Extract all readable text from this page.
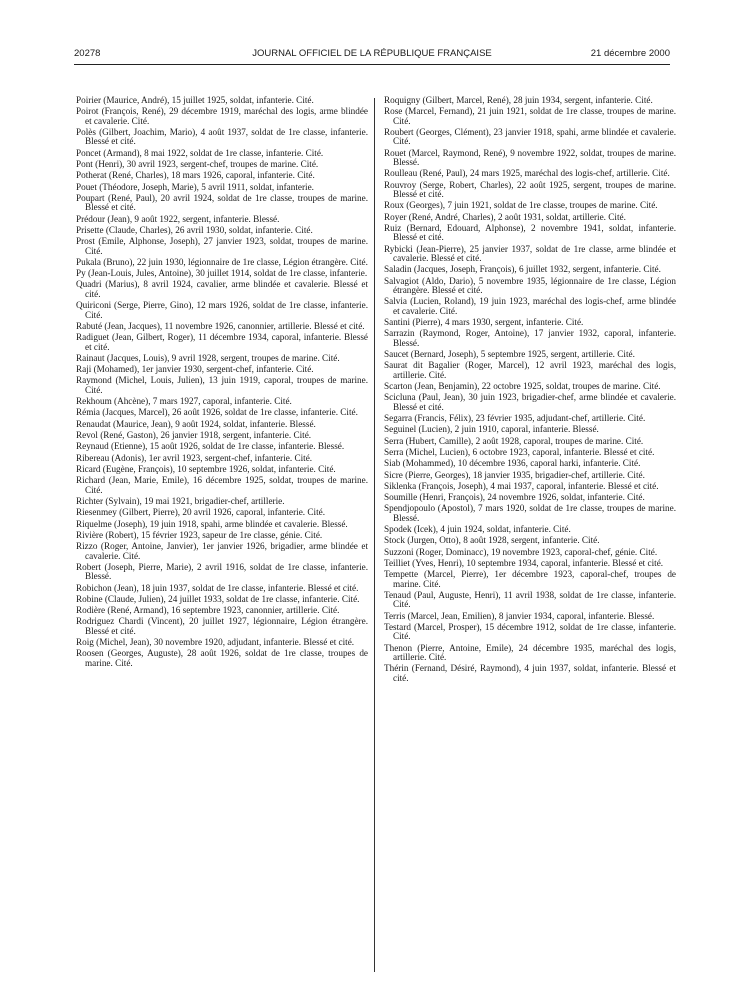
20278	JOURNAL OFFICIEL DE LA RÉPUBLIQUE FRANÇAISE	21 décembre 2000
Poirier (Maurice, André), 15 juillet 1925, soldat, infanterie. Cité.
Poirot (François, René), 29 décembre 1919, maréchal des logis, arme blindée et cavalerie. Cité.
Polès (Gilbert, Joachim, Mario), 4 août 1937, soldat de 1re classe, infanterie. Blessé et cité.
Poncet (Armand), 8 mai 1922, soldat de 1re classe, infanterie. Cité.
Pont (Henri), 30 avril 1923, sergent-chef, troupes de marine. Cité.
Potherat (René, Charles), 18 mars 1926, caporal, infanterie. Cité.
Pouet (Théodore, Joseph, Marie), 5 avril 1911, soldat, infanterie.
Poupart (René, Paul), 20 avril 1924, soldat de 1re classe, troupes de marine. Blessé et cité.
Prédour (Jean), 9 août 1922, sergent, infanterie. Blessé.
Prisette (Claude, Charles), 26 avril 1930, soldat, infanterie. Cité.
Prost (Emile, Alphonse, Joseph), 27 janvier 1923, soldat, troupes de marine. Cité.
Pukala (Bruno), 22 juin 1930, légionnaire de 1re classe, Légion étrangère. Cité.
Py (Jean-Louis, Jules, Antoine), 30 juillet 1914, soldat de 1re classe, infanterie.
Quadri (Marius), 8 avril 1924, cavalier, arme blindée et cavalerie. Blessé et cité.
Quiriconi (Serge, Pierre, Gino), 12 mars 1926, soldat de 1re classe, infanterie. Cité.
Rabuté (Jean, Jacques), 11 novembre 1926, canonnier, artillerie. Blessé et cité.
Radiguet (Jean, Gilbert, Roger), 11 décembre 1934, caporal, infanterie. Blessé et cité.
Rainaut (Jacques, Louis), 9 avril 1928, sergent, troupes de marine. Cité.
Raji (Mohamed), 1er janvier 1930, sergent-chef, infanterie. Cité.
Raymond (Michel, Louis, Julien), 13 juin 1919, caporal, troupes de marine. Cité.
Rekhoum (Ahcène), 7 mars 1927, caporal, infanterie. Cité.
Rémia (Jacques, Marcel), 26 août 1926, soldat de 1re classe, infanterie. Cité.
Renaudat (Maurice, Jean), 9 août 1924, soldat, infanterie. Blessé.
Revol (René, Gaston), 26 janvier 1918, sergent, infanterie. Cité.
Reynaud (Etienne), 15 août 1926, soldat de 1re classe, infanterie. Blessé.
Ribereau (Adonis), 1er avril 1923, sergent-chef, infanterie. Cité.
Ricard (Eugène, François), 10 septembre 1926, soldat, infanterie. Cité.
Richard (Jean, Marie, Emile), 16 décembre 1925, soldat, troupes de marine. Cité.
Richter (Sylvain), 19 mai 1921, brigadier-chef, artillerie.
Riesenmey (Gilbert, Pierre), 20 avril 1926, caporal, infanterie. Cité.
Riquelme (Joseph), 19 juin 1918, spahi, arme blindée et cavalerie. Blessé.
Rivière (Robert), 15 février 1923, sapeur de 1re classe, génie. Cité.
Rizzo (Roger, Antoine, Janvier), 1er janvier 1926, brigadier, arme blindée et cavalerie. Cité.
Robert (Joseph, Pierre, Marie), 2 avril 1916, soldat de 1re classe, infanterie. Blessé.
Robichon (Jean), 18 juin 1937, soldat de 1re classe, infanterie. Blessé et cité.
Robine (Claude, Julien), 24 juillet 1933, soldat de 1re classe, infanterie. Cité.
Rodière (René, Armand), 16 septembre 1923, canonnier, artillerie. Cité.
Rodriguez Chardi (Vincent), 20 juillet 1927, légionnaire, Légion étrangère. Blessé et cité.
Roig (Michel, Jean), 30 novembre 1920, adjudant, infanterie. Blessé et cité.
Roosen (Georges, Auguste), 28 août 1926, soldat de 1re classe, troupes de marine. Cité.
Roquigny (Gilbert, Marcel, René), 28 juin 1934, sergent, infanterie. Cité.
Rose (Marcel, Fernand), 21 juin 1921, soldat de 1re classe, troupes de marine. Cité.
Roubert (Georges, Clément), 23 janvier 1918, spahi, arme blindée et cavalerie. Cité.
Rouet (Marcel, Raymond, René), 9 novembre 1922, soldat, troupes de marine. Blessé.
Roulleau (René, Paul), 24 mars 1925, maréchal des logis-chef, artillerie. Cité.
Rouvroy (Serge, Robert, Charles), 22 août 1925, sergent, troupes de marine. Blessé et cité.
Roux (Georges), 7 juin 1921, soldat de 1re classe, troupes de marine. Cité.
Royer (René, André, Charles), 2 août 1931, soldat, artillerie. Cité.
Ruiz (Bernard, Edouard, Alphonse), 2 novembre 1941, soldat, infanterie. Blessé et cité.
Rybicki (Jean-Pierre), 25 janvier 1937, soldat de 1re classe, arme blindée et cavalerie. Blessé et cité.
Saladin (Jacques, Joseph, François), 6 juillet 1932, sergent, infanterie. Cité.
Salvagiot (Aldo, Dario), 5 novembre 1935, légionnaire de 1re classe, Légion étrangère. Blessé et cité.
Salvia (Lucien, Roland), 19 juin 1923, maréchal des logis-chef, arme blindée et cavalerie. Cité.
Santini (Pierre), 4 mars 1930, sergent, infanterie. Cité.
Sarrazin (Raymond, Roger, Antoine), 17 janvier 1932, caporal, infanterie. Blessé.
Saucet (Bernard, Joseph), 5 septembre 1925, sergent, artillerie. Cité.
Saurat dit Bagalier (Roger, Marcel), 12 avril 1923, maréchal des logis, artillerie. Cité.
Scarton (Jean, Benjamin), 22 octobre 1925, soldat, troupes de marine. Cité.
Scicluna (Paul, Jean), 30 juin 1923, brigadier-chef, arme blindée et cavalerie. Blessé et cité.
Segarra (Francis, Félix), 23 février 1935, adjudant-chef, artillerie. Cité.
Seguinel (Lucien), 2 juin 1910, caporal, infanterie. Blessé.
Serra (Hubert, Camille), 2 août 1928, caporal, troupes de marine. Cité.
Serra (Michel, Lucien), 6 octobre 1923, caporal, infanterie. Blessé et cité.
Siab (Mohammed), 10 décembre 1936, caporal harki, infanterie. Cité.
Sicre (Pierre, Georges), 18 janvier 1935, brigadier-chef, artillerie. Cité.
Siklenka (François, Joseph), 4 mai 1937, caporal, infanterie. Blessé et cité.
Soumille (Henri, François), 24 novembre 1926, soldat, infanterie. Cité.
Spendjopoulo (Apostol), 7 mars 1920, soldat de 1re classe, troupes de marine. Blessé.
Spodek (Icek), 4 juin 1924, soldat, infanterie. Cité.
Stock (Jurgen, Otto), 8 août 1928, sergent, infanterie. Cité.
Suzzoni (Roger, Dominacc), 19 novembre 1923, caporal-chef, génie. Cité.
Teilliet (Yves, Henri), 10 septembre 1934, caporal, infanterie. Blessé et cité.
Tempette (Marcel, Pierre), 1er décembre 1923, caporal-chef, troupes de marine. Cité.
Tenaud (Paul, Auguste, Henri), 11 avril 1938, soldat de 1re classe, infanterie. Cité.
Terris (Marcel, Jean, Emilien), 8 janvier 1934, caporal, infanterie. Blessé.
Testard (Marcel, Prosper), 15 décembre 1912, soldat de 1re classe, infanterie. Cité.
Thenon (Pierre, Antoine, Emile), 24 décembre 1935, maréchal des logis, artillerie. Cité.
Thérin (Fernand, Désiré, Raymond), 4 juin 1937, soldat, infanterie. Blessé et cité.
